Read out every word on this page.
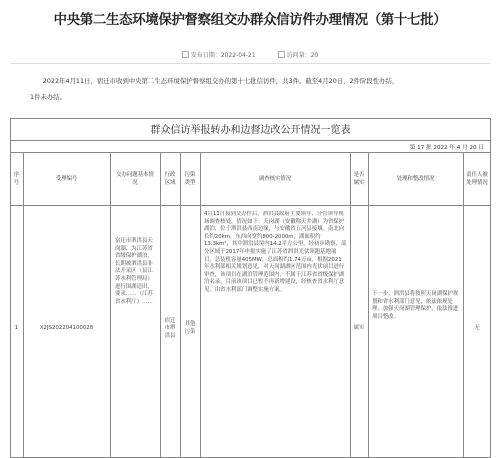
中央第二生态环境保护督察组交办群众信访件办理情况（第十七批）
发布日期：2022-04-21	访问量：20
2022年4月11日，宿迁市收到中央第二生态环境保护督察组交办的第十七批信访件，共3件。截至4月20日，2件阶段性办结，
1件未办结。
群众信访举报转办和边督边改公开情况一览表
第 17 批 2022 年 4 月 20 日
序号
受理编号
交办问题基本情况
行政区域
污染类型
调查核实情况
是否属实
处理和整改情况
责任人被处理情况
1	X2JS202204100028
宿迁市泗洪县天岗湖、为江苏省省级保护湖泊，长期被泗洪县非法开采区（县江苏水利管理局）进行围湖造田，要求……（江苏省水利厅）……
宿迁市泗洪县
其他污染
4月11日接到交办件后，泗洪县政府主要领导、分管领导现场调查核处，情况如下：天岗湖（安徽称天井湖）为省保护湖泊，位于泗洪县西南边缘，与安徽省五河县接壤。南北向长约20km，东西向宽约800-2000m，湖面积约13.3km²，其中泗洪县境内14.2平方公里。经初步勘察，部分区域于2017年申报实施了江苏省泗洪光伏领跑基地项目，总装机容量405MW，总面积约1.74万亩。根据2021年水利部相关规划意见，对天岗湖湖区范围内光伏项目进行审查，该项目在湖泊管理范围内，不属于江苏省省级保护湖泊名录。目前该项目已暂不再新增建设，经核查省水利厅意见，由省水利部门调整实施方案。
属实
下一步，泗洪县将按照天岗湖保护规划和省水利部门意见，依法依规处理，加强天岗湖管理保护，依法推进项目整改。
无
